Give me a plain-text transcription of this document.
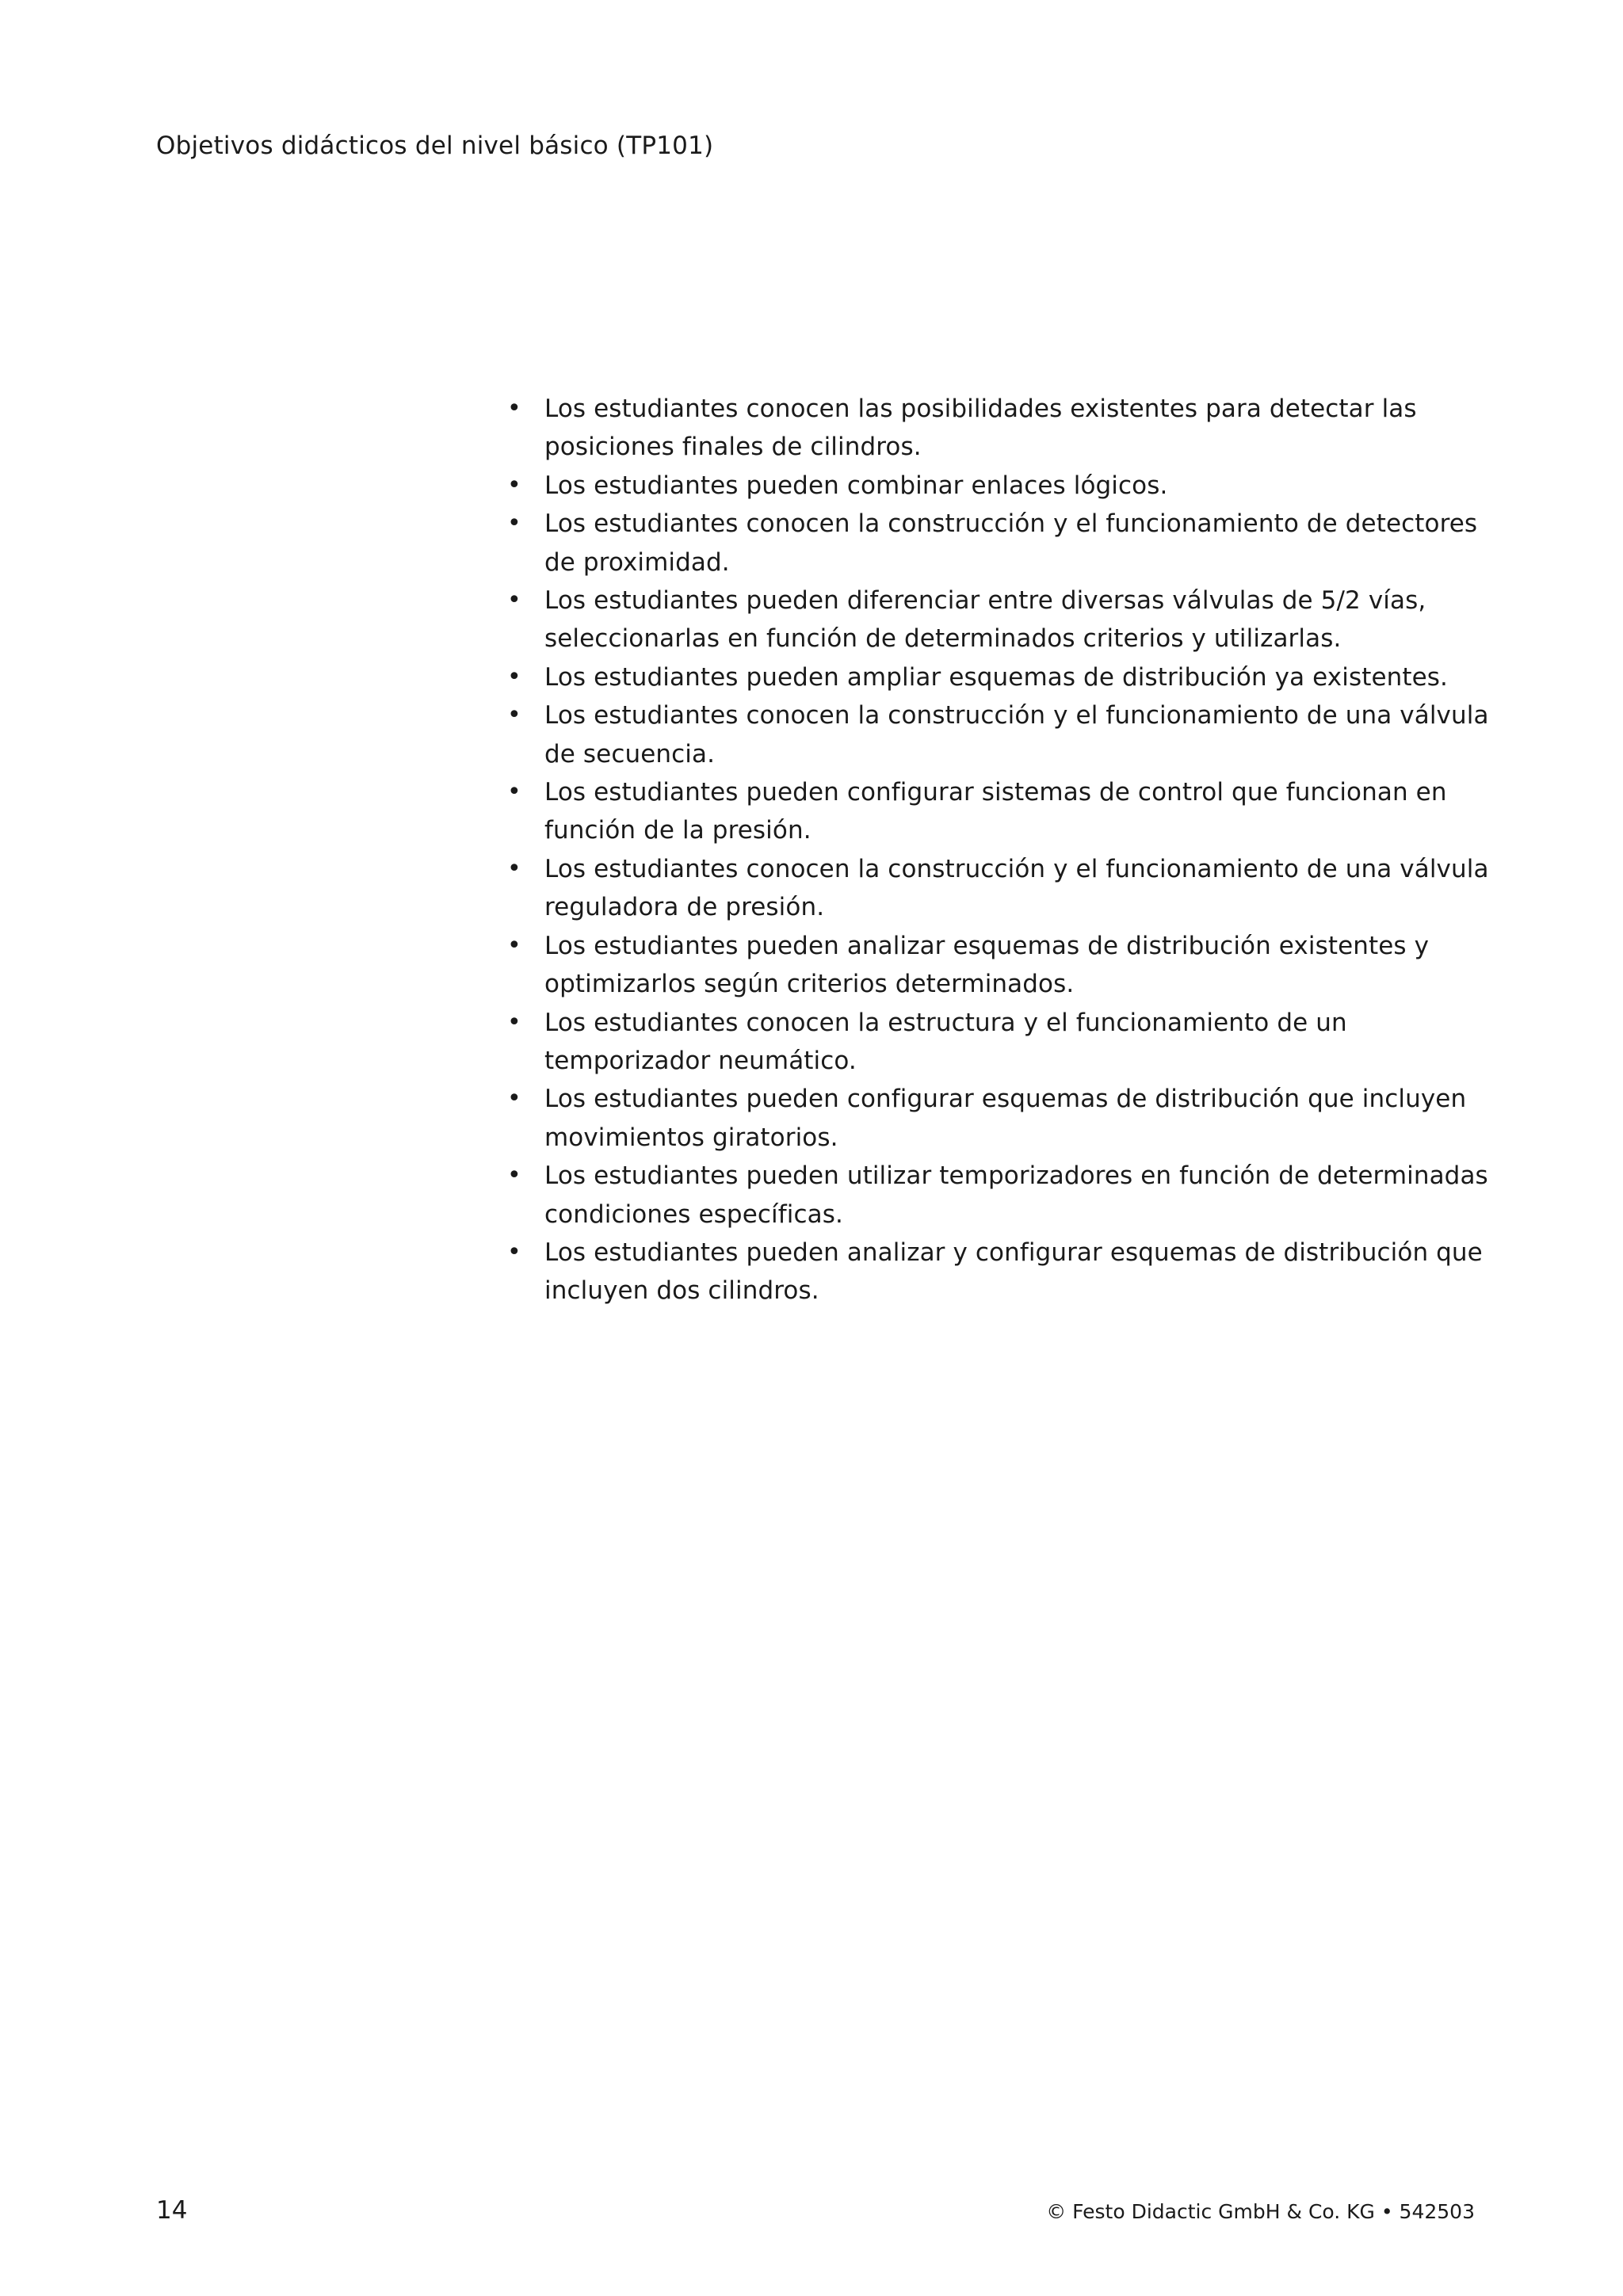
Objetivos didácticos del nivel básico (TP101)
• Los estudiantes conocen las posibilidades existentes para detectar las posiciones finales de cilindros.
• Los estudiantes pueden combinar enlaces lógicos.
• Los estudiantes conocen la construcción y el funcionamiento de detectores de proximidad.
• Los estudiantes pueden diferenciar entre diversas válvulas de 5/2 vías, seleccionarlas en función de determinados criterios y utilizarlas.
• Los estudiantes pueden ampliar esquemas de distribución ya existentes.
• Los estudiantes conocen la construcción y el funcionamiento de una válvula de secuencia.
• Los estudiantes pueden configurar sistemas de control que funcionan en función de la presión.
• Los estudiantes conocen la construcción y el funcionamiento de una válvula reguladora de presión.
• Los estudiantes pueden analizar esquemas de distribución existentes y optimizarlos según criterios determinados.
• Los estudiantes conocen la estructura y el funcionamiento de un temporizador neumático.
• Los estudiantes pueden configurar esquemas de distribución que incluyen movimientos giratorios.
• Los estudiantes pueden utilizar temporizadores en función de determinadas condiciones específicas.
• Los estudiantes pueden analizar y configurar esquemas de distribución que incluyen dos cilindros.
14	© Festo Didactic GmbH & Co. KG • 542503
